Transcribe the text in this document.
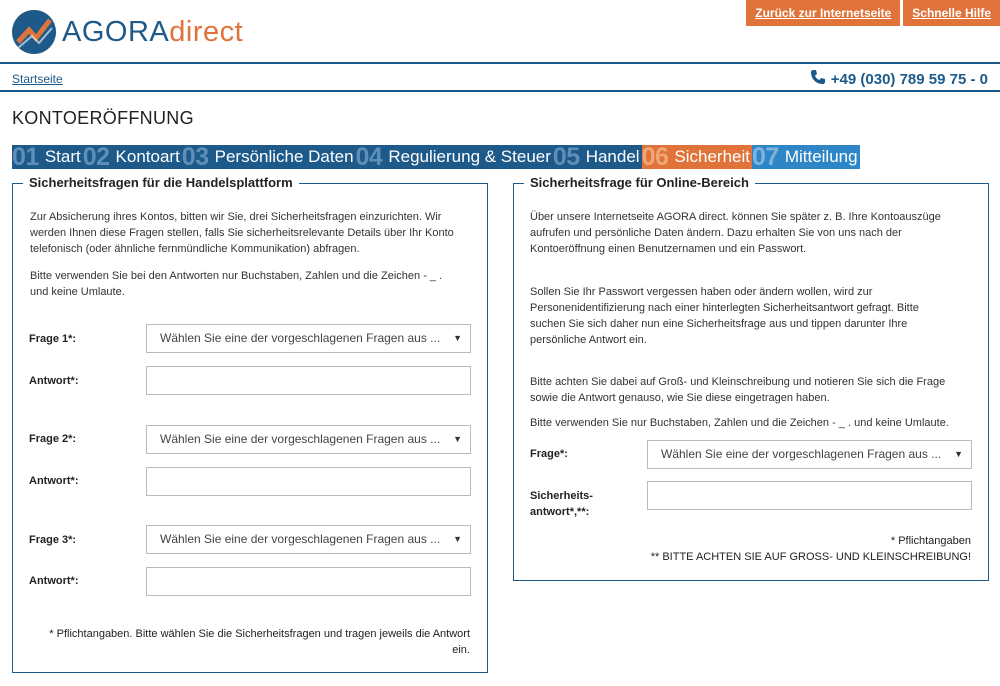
AGORAdirect
Zurück zur Internetseite	Schnelle Hilfe
Startseite	+49 (030) 789 59 75 - 0
KONTOERÖFFNUNG
01 Start 02 Kontoart 03 Persönliche Daten 04 Regulierung & Steuer 05 Handel 06 Sicherheit 07 Mitteilung
Sicherheitsfragen für die Handelsplattform
Zur Absicherung ihres Kontos, bitten wir Sie, drei Sicherheitsfragen einzurichten. Wir
werden Ihnen diese Fragen stellen, falls Sie sicherheitsrelevante Details über Ihr Konto
telefonisch (oder ähnliche fernmündliche Kommunikation) abfragen.
Bitte verwenden Sie bei den Antworten nur Buchstaben, Zahlen und die Zeichen - _ .
und keine Umlaute.
Frage 1*:	Wählen Sie eine der vorgeschlagenen Fragen aus ... ▼
Antwort*:
Frage 2*:	Wählen Sie eine der vorgeschlagenen Fragen aus ... ▼
Antwort*:
Frage 3*:	Wählen Sie eine der vorgeschlagenen Fragen aus ... ▼
Antwort*:
* Pflichtangaben. Bitte wählen Sie die Sicherheitsfragen und tragen jeweils die Antwort
ein.
Sicherheitsfrage für Online-Bereich
Über unsere Internetseite AGORA direct. können Sie später z. B. Ihre Kontoauszüge
aufrufen und persönliche Daten ändern. Dazu erhalten Sie von uns nach der
Kontoeröffnung einen Benutzernamen und ein Passwort.
Sollen Sie Ihr Passwort vergessen haben oder ändern wollen, wird zur
Personenidentifizierung nach einer hinterlegten Sicherheitsantwort gefragt. Bitte
suchen Sie sich daher nun eine Sicherheitsfrage aus und tippen darunter Ihre
persönliche Antwort ein.
Bitte achten Sie dabei auf Groß- und Kleinschreibung und notieren Sie sich die Frage
sowie die Antwort genauso, wie Sie diese eingetragen haben.
Bitte verwenden Sie nur Buchstaben, Zahlen und die Zeichen - _ . und keine Umlaute.
Frage*:	Wählen Sie eine der vorgeschlagenen Fragen aus ... ▼
Sicherheits-
antwort*,**:
* Pflichtangaben
** BITTE ACHTEN SIE AUF GROSS- UND KLEINSCHREIBUNG!
